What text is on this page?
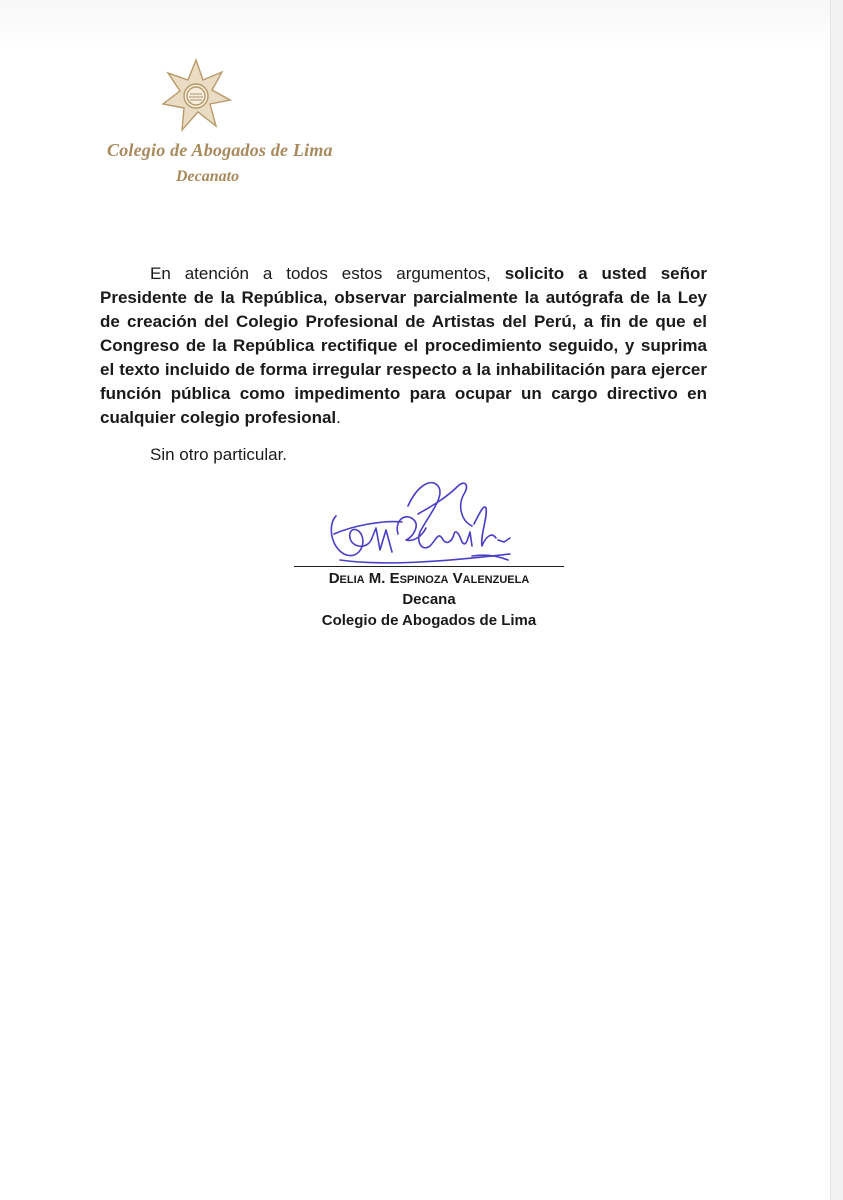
Colegio de Abogados de Lima
Decanato

En atención a todos estos argumentos, solicito a usted señor Presidente de la República, observar parcialmente la autógrafa de la Ley de creación del Colegio Profesional de Artistas del Perú, a fin de que el Congreso de la República rectifique el procedimiento seguido, y suprima el texto incluido de forma irregular respecto a la inhabilitación para ejercer función pública como impedimento para ocupar un cargo directivo en cualquier colegio profesional.

Sin otro particular.

Delia M. Espinoza Valenzuela
Decana
Colegio de Abogados de Lima
